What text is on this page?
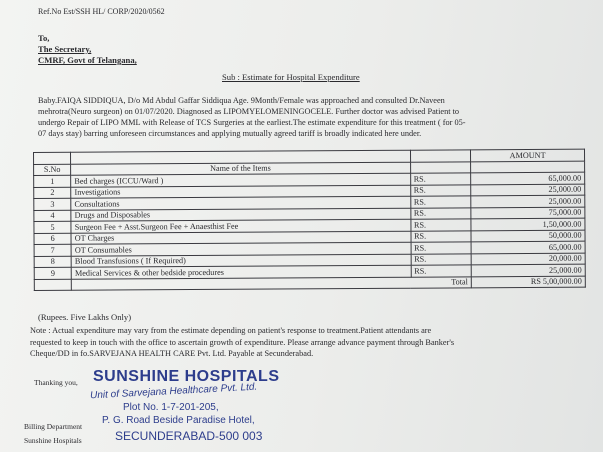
Ref.No Est/SSH HL/ CORP/2020/0562
To,
The Secretary,
CMRF, Govt of Telangana,
Sub : Estimate for Hospital Expenditure
Baby.FAIQA SIDDIQUA, D/o Md Abdul Gaffar Siddiqua Age. 9Month/Female was approached and consulted Dr.Naveen
mehrotra(Neuro surgeon) on 01/07/2020. Diagnosed as LIPOMYELOMENINGOCELE. Further doctor was advised Patient to
undergo Repair of LIPO MML with Release of TCS Surgeries at the earliest.The estimate expenditure for this treatment ( for 05-
07 days stay) barring unforeseen circumstances and applying mutually agreed tariff is broadly indicated here under.
			AMOUNT
S.No	Name of the Items		
1	Bed charges (ICCU/Ward )	RS.	65,000.00
2	Investigations	RS.	25,000.00
3	Consultations	RS.	25,000.00
4	Drugs and Disposables	RS.	75,000.00
5	Surgeon Fee + Asst.Surgeon Fee + Anaesthist Fee	RS.	1,50,000.00
6	OT Charges	RS.	50,000.00
7	OT Consumables	RS.	65,000.00
8	Blood Transfusions ( If Required)	RS.	20,000.00
9	Medical Services & other bedside procedures	RS.	25,000.00
	Total		RS 5,00,000.00
(Rupees. Five Lakhs Only)
Note : Actual expenditure may vary from the estimate depending on patient's response to treatment.Patient attendants are
requested to keep in touch with the office to ascertain growth of expenditure. Please arrange advance payment through Banker's
Cheque/DD in fo.SARVEJANA HEALTH CARE Pvt. Ltd. Payable at Secunderabad.
Thanking you, SUNSHINE HOSPITALS
Unit of Sarvejana Healthcare Pvt. Ltd.
Plot No. 1-7-201-205,
P. G. Road Beside Paradise Hotel,
SECUNDERABAD-500 003
Billing Department
Sunshine Hospitals
